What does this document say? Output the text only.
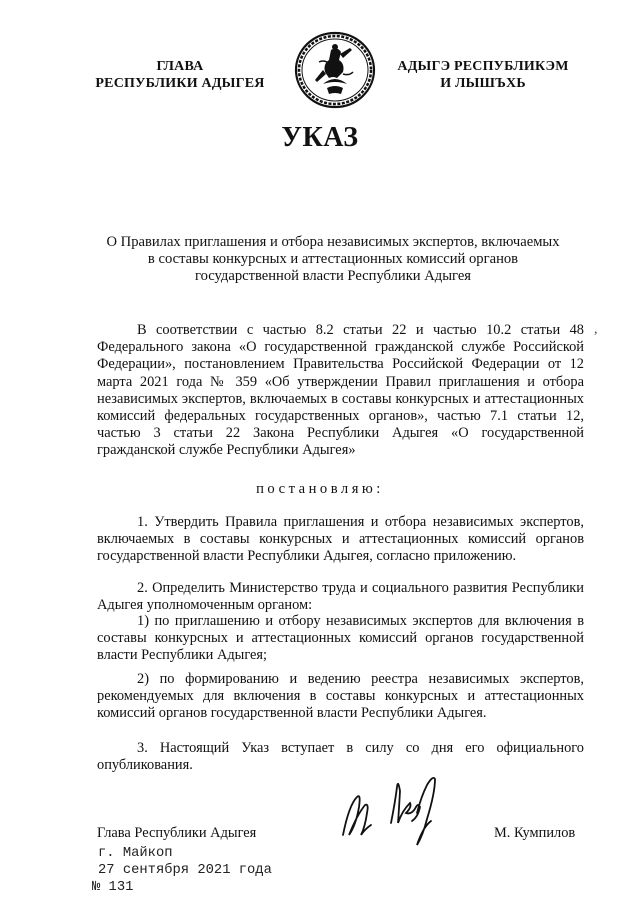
ГЛАВА
РЕСПУБЛИКИ АДЫГЕЯ
АДЫГЭ РЕСПУБЛИКЭМ
И ЛЫШЪХЬ
УКАЗ
О Правилах приглашения и отбора независимых экспертов, включаемых
в составы конкурсных и аттестационных комиссий органов
государственной власти Республики Адыгея
,

В соответствии с частью 8.2 статьи 22 и частью 10.2 статьи 48 Федерального закона «О государственной гражданской службе Российской Федерации», постановлением Правительства Российской Федерации от 12 марта 2021 года № 359 «Об утверждении Правил приглашения и отбора независимых экспертов, включаемых в составы конкурсных и аттестационных комиссий федеральных государственных органов», частью 7.1 статьи 12, частью 3 статьи 22 Закона Республики Адыгея «О государственной гражданской службе Республики Адыгея»

постановляю:

1. Утвердить Правила приглашения и отбора независимых экспертов, включаемых в составы конкурсных и аттестационных комиссий органов государственной власти Республики Адыгея, согласно приложению.

2. Определить Министерство труда и социального развития Республики Адыгея уполномоченным органом:

1) по приглашению и отбору независимых экспертов для включения в составы конкурсных и аттестационных комиссий органов государственной власти Республики Адыгея;

2) по формированию и ведению реестра независимых экспертов, рекомендуемых для включения в составы конкурсных и аттестационных комиссий органов государственной власти Республики Адыгея.

3. Настоящий Указ вступает в силу со дня его официального опубликования.

Глава Республики Адыгея	М. Кумпилов
г. Майкоп
27 сентября 2021 года
№ 131
